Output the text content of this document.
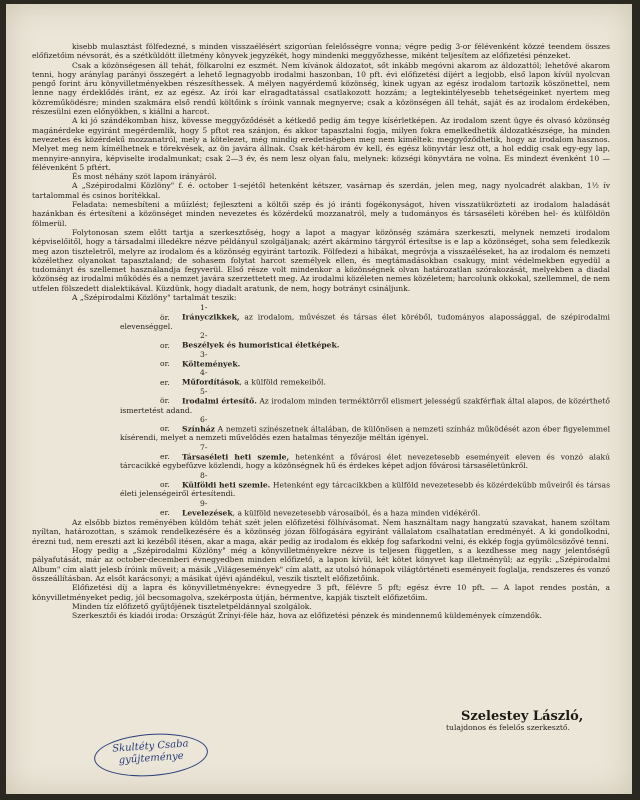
kisebb mulasztást fölfedezné, s minden visszaélésért szigorúan felelősségre vonna; végre pedig 3-or félévenként közzé teendem összes előfizetőim névsorát, és a szétküldött illetmény könyvek jegyzékét, hogy mindenki meggyőzhesse, miként teljesítem az előfizetési pénzeket.

Csak a közönségesen áll tehát, fölkarolni ez eszmét. Nem kívánok áldozatot, sőt inkább megóvni akarom az áldozattól; lehetővé akarom tenni, hogy aránylag parányi összegért a lehető legnagyobb irodalmi haszonban, 10 pft. évi előfizetési díjért a legjobb, első lapon kívül nyolcvan pengő forint áru könyvilletményekben részesíthessek. A mélyen nagyérdemű közönség, kinek ugyan az egész irodalom tartozik köszönettel, nem lenne nagy érdeklődés iránt, ez az egész. Az írói kar elragadtatással csatlakozott hozzám; a legtekintélyesebb tehetségeinket nyertem meg közreműködésre; minden szakmára első rendű költőink s íróink vannak megnyerve; csak a közönségen áll tehát, saját és az irodalom érdekében, részesülni ezen előnyökben, s kiállni a harcot.

A ki jó szándékomban hisz, kövesse meggyőződését a kétkedő pedig ám tegye kísérletképen. Az irodalom szent ügye és olvasó közönség magánérdeke egyiránt megérdemlik, hogy 5 pftot rea szánjon, és akkor tapasztalni fogja, milyen fokra emelkedhetik áldozatkészsége, ha minden nevezetes és közérdekű mozzanatról, mely a kötelezet, még mindig eredetiségben meg nem kiméltek: meggyőződhetik, hogy az irodalom hasznos. Melyet meg nem kímélhetnek e törekvések, az ön javára állnak. Csak két-három év kell, és egész könyvtár lesz ott, a hol eddig csak egy-egy lap, mennyire-annyira, képviselte irodalmunkat; csak 2—3 év, és nem lesz olyan falu, melynek: községi könyvtára ne volna. Es mindezt évenként 10 — félévenként 5 pftért.

És most néhány szót lapom irányáról.

A „Szépirodalmi Közlöny" f. é. october 1-sejétől hetenként kétszer, vasárnap és szerdán, jelen meg, nagy nyolcadrét alakban, 1½ ív tartalommal és csinos borítékkal.

Feladata: nemesbíteni a műízlést; fejleszteni a költői szép és jó iránti fogékonyságot, híven visszatükrözteti az irodalom haladását hazánkban és értesíteni a közönséget minden nevezetes és közérdekű mozzanatról, mely a tudományos és társaséleti körében hel- és külföldön fölmerül.

Folytonosan szem előtt tartja a szerkesztőség, hogy a lapot a magyar közönség számára szerkeszti, melynek nemzeti irodalom képviselőitől, hogy a társadalmi illedékre nézve példányul szolgáljanak; azért akármino tárgyról értesítse is e lap a közönséget, soha sem feledkezik meg azon tiszteletről, melyre az irodalom és a közönség egyiránt tartozik. Fölfedezi a hibákat, megróvja a visszaéléseket, ha az irodalom és nemzeti közélethez olyanokat tapasztaland; de sohasem folytat harcot személyek ellen, és megtámadásokban csakugy, mint védelmekben egyedül a tudományt és szellemet használandja fegyverül. Első része volt mindenkor a közönségnek olvan határozatlan szórakozását, melyekben a diadal közönség az irodalmi működés és a nemzet javára szerzettetett meg. Az irodalmi közéleten nemes közéletem; harcolunk okkokal, szellemmel, de nem utfelen fölszedett dialektikával. Küzdünk, hogy diadalt aratunk, de nem, hogy botrányt csináljunk.

A „Szépirodalmi Közlöny" tartalmát teszik:

1-ör. Irányczikkek, az irodalom, művészet és társas élet köréből, tudományos alapossággal, de szépirodalmi elevenséggel.

2-or. Beszélyek és humoristicai életképek.

3-or. Költemények.

4-er. Műfordítások, a külföld remekeiből.

5-ör. Irodalmi értesítő. Az irodalom minden terméktörről elismert jelességű szakférfiak által alapos, de közérthető ismertetést adand.

6-or. Színház A nemzeti színészetnek általában, de különösen a nemzeti színház működését azon éber figyelemmel kísérendi, melyet a nemzeti művelődés ezen hatalmas tényezője méltán igényel.

7-er. Társaséleti heti szemle, hetenként a fővárosi élet nevezetesebb eseményeit eleven és vonzó alakú tárcacikké egybefűzve közlendi, hogy a közönségnek hű és érdekes képet adjon fővárosi társaséletünkről.

8-or. Külföldi heti szemle. Hetenként egy tárcacikkben a külföld nevezetesebb és közérdekűbb műveiről és társas életi jelenségeiről értesítendi.

9-er. Levelezések, a külföld nevezetesebb városaiból, és a haza minden vidékéről.

Az elsőbb biztos reményében küldöm tehát szét jelen előfizetési fölhívásomat. Nem használtam nagy hangzatú szavakat, hanem szóltam nyíltan, határozottan, s számok rendelkezésére és a közönség józan fölfogására egyiránt vállalatom csalhatatlan eredményét. A ki gondolkodni, érezni tud, nem ereszti azt ki kezéből itésen, akar a maga, akár pedig az irodalom és ekkép fog safarkodni velni, és ekkép fogja gyümölcsözővé tenni.

Hogy pedig a „Szépirodalmi Közlöny" még a könyvilletményekre nézve is teljesen független, s a kezdhesse meg nagy jelentőségű pályafutását, már az october-decemberi évnegyedben minden előfizető, a lapon kívül, két kötet könyvet kap illetményül; az egyik: „Szépirodalmi Album" cím alatt jelesb íróink műveit; a másik „Világesemények" cím alatt, az utolsó hónapok világtörténeti eseményeit foglalja, rendszeres és vonzó összeállításban. Az elsőt karácsonyi; a másikat újévi ajándékul, veszik tisztelt előfizetőink.

Előfizetési díj a lapra és könyvilletményekre: évnegyedre 3 pft, félévre 5 pft; egész évre 10 pft. — A lapot rendes postán, a könyvilletményeket pedig, jól becsomagolva, szekérposta útján, bérmentve, kapják tisztelt előfizetőim.

Minden tíz előfizető gyűjtőjének tiszteletpéldánnyal szolgálok.

Szerkesztői és kiadói iroda: Országút Zrínyi-féle ház, hova az előfizetési pénzek és mindennemű küldemények címzendők.

Szelestey László,
tulajdonos és felelős szerkesztő.
Skultéty Csaba
gyűjteménye
